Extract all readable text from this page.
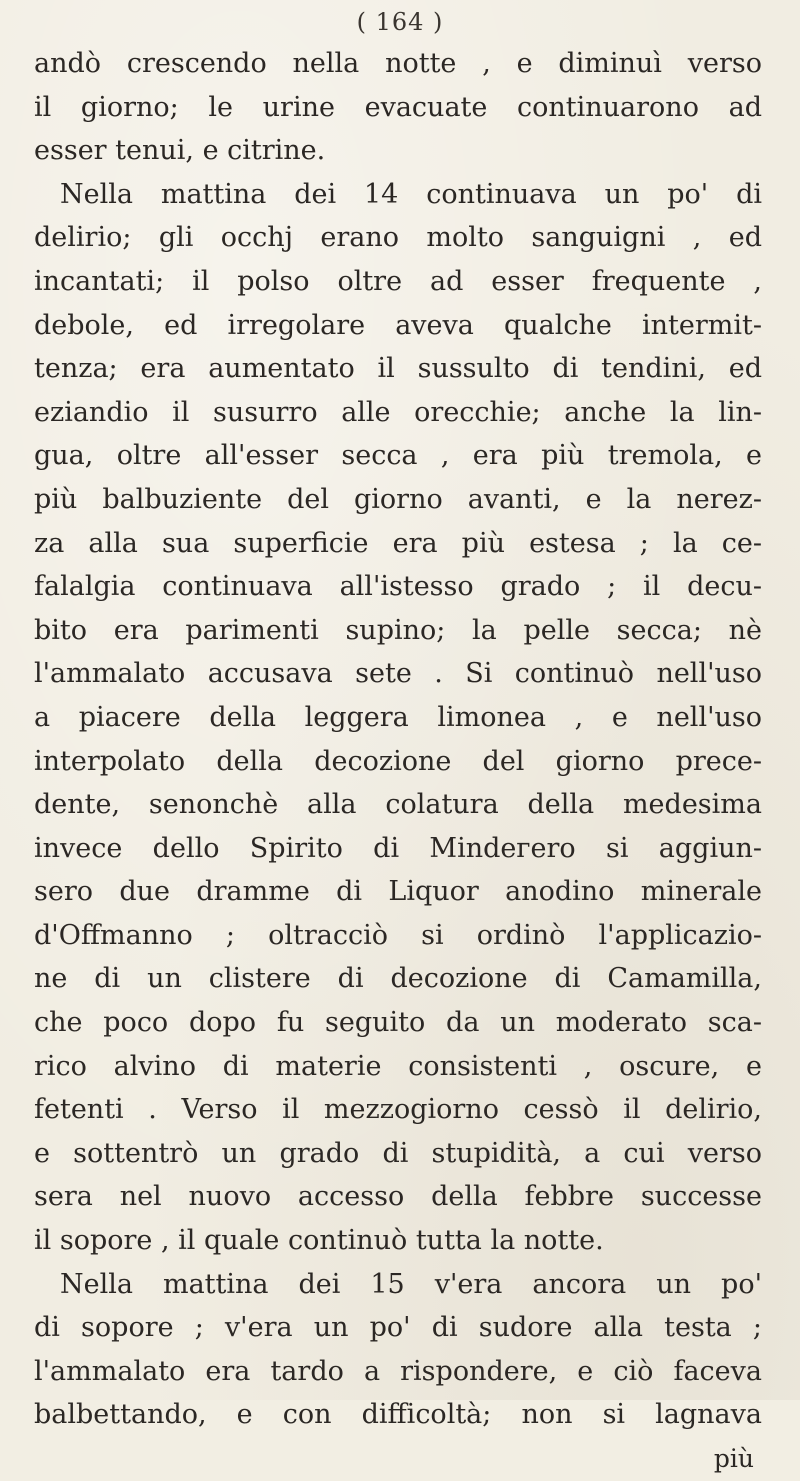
( 164 )
andò crescendo nella notte , e diminuì verso
il giorno; le urine evacuate continuarono ad
esser tenui, e citrine.
Nella mattina dei 14 continuava un po' di
delirio; gli occhj erano molto sanguigni , ed
incantati; il polso oltre ad esser frequente ,
debole, ed irregolare aveva qualche intermit-
tenza; era aumentato il sussulto di tendini, ed
eziandio il susurro alle orecchie; anche la lin-
gua, oltre all'esser secca , era più tremola, e
più balbuziente del giorno avanti, e la nerez-
za alla sua superficie era più estesa ; la ce-
falalgia continuava all'istesso grado ; il decu-
bito era parimenti supino; la pelle secca; nè
l'ammalato accusava sete . Si continuò nell'uso
a piacere della leggera limonea , e nell'uso
interpolato della decozione del giorno prece-
dente, senonchè alla colatura della medesima
invece dello Spirito di Mindeгero si aggiun-
sero due dramme di Liquor anodino minerale
d'Offmanno ; oltracciò si ordinò l'applicazio-
ne di un clistere di decozione di Camamilla,
che poco dopo fu seguito da un moderato sca-
rico alvino di materie consistenti , oscure, e
fetenti . Verso il mezzogiorno cessò il delirio,
e sottentrò un grado di stupidità, a cui verso
sera nel nuovo accesso della febbre successe
il sopore , il quale continuò tutta la notte.
Nella mattina dei 15 v'era ancora un po'
di sopore ; v'era un po' di sudore alla testa ;
l'ammalato era tardo a rispondere, e ciò faceva
balbettando, e con difficoltà; non si lagnava
più
